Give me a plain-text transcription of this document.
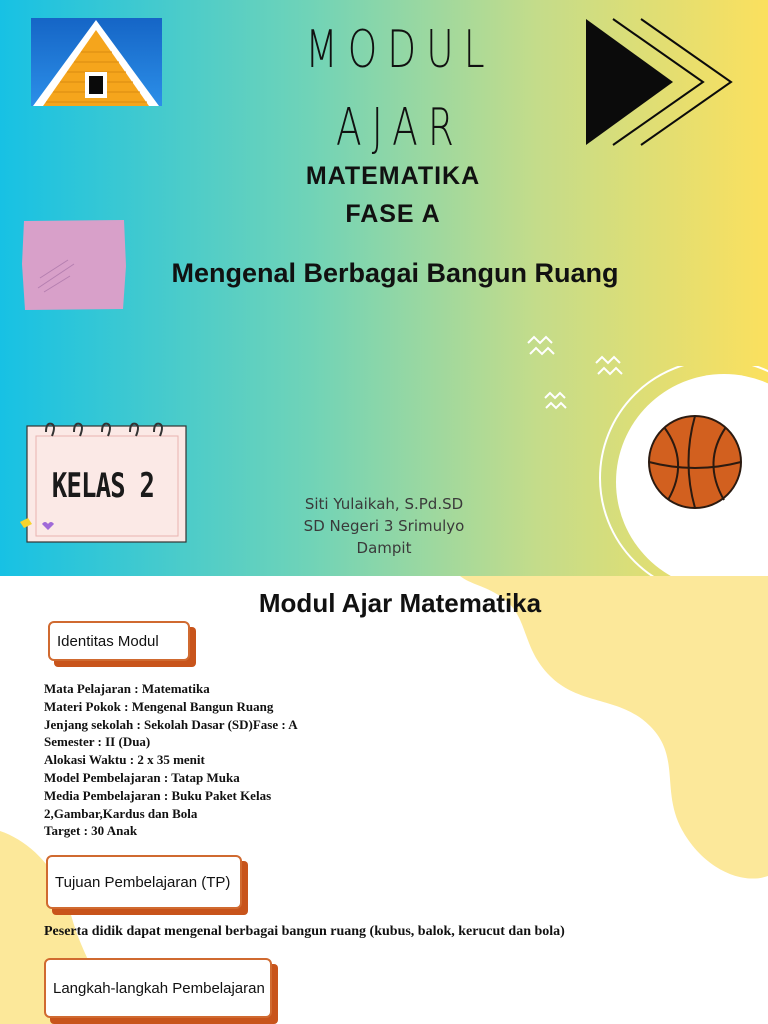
MODUL
AJAR
MATEMATIKA
FASE A
Mengenal Berbagai Bangun Ruang
KELAS 2	Siti Yulaikah, S.Pd.SD
SD Negeri 3 Srimulyo
Dampit
Modul Ajar Matematika
Identitas Modul
Mata Pelajaran : Matematika
Materi Pokok : Mengenal Bangun Ruang
Jenjang sekolah : Sekolah Dasar (SD)Fase : A
Semester : II (Dua)
Alokasi Waktu : 2 x 35 menit
Model Pembelajaran : Tatap Muka
Media Pembelajaran : Buku Paket Kelas
2,Gambar,Kardus dan Bola
Target : 30 Anak
Tujuan Pembelajaran (TP)
Peserta didik dapat mengenal berbagai bangun ruang (kubus, balok, kerucut dan bola)
Langkah-langkah Pembelajaran
